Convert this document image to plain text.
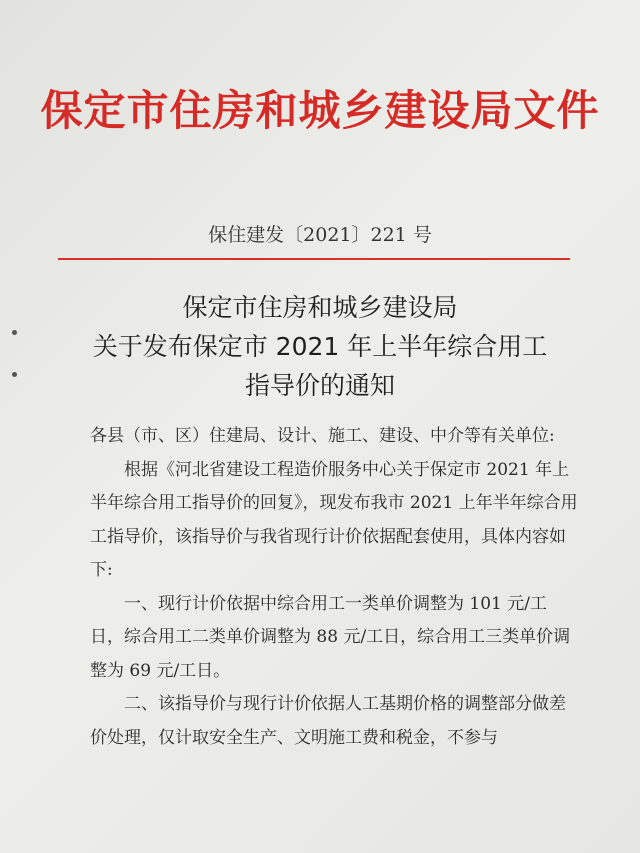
保定市住房和城乡建设局文件
保住建发〔2021〕221 号
保定市住房和城乡建设局
关于发布保定市 2021 年上半年综合用工
指导价的通知

各县（市、区）住建局、设计、施工、建设、中介等有关单位:

根据《河北省建设工程造价服务中心关于保定市 2021 年上半年综合用工指导价的回复》，现发布我市 2021 上年半年综合用工指导价，该指导价与我省现行计价依据配套使用，具体内容如下:

一、现行计价依据中综合用工一类单价调整为 101 元/工日，综合用工二类单价调整为 88 元/工日，综合用工三类单价调整为 69 元/工日。

二、该指导价与现行计价依据人工基期价格的调整部分做差价处理，仅计取安全生产、文明施工费和税金，不参与
